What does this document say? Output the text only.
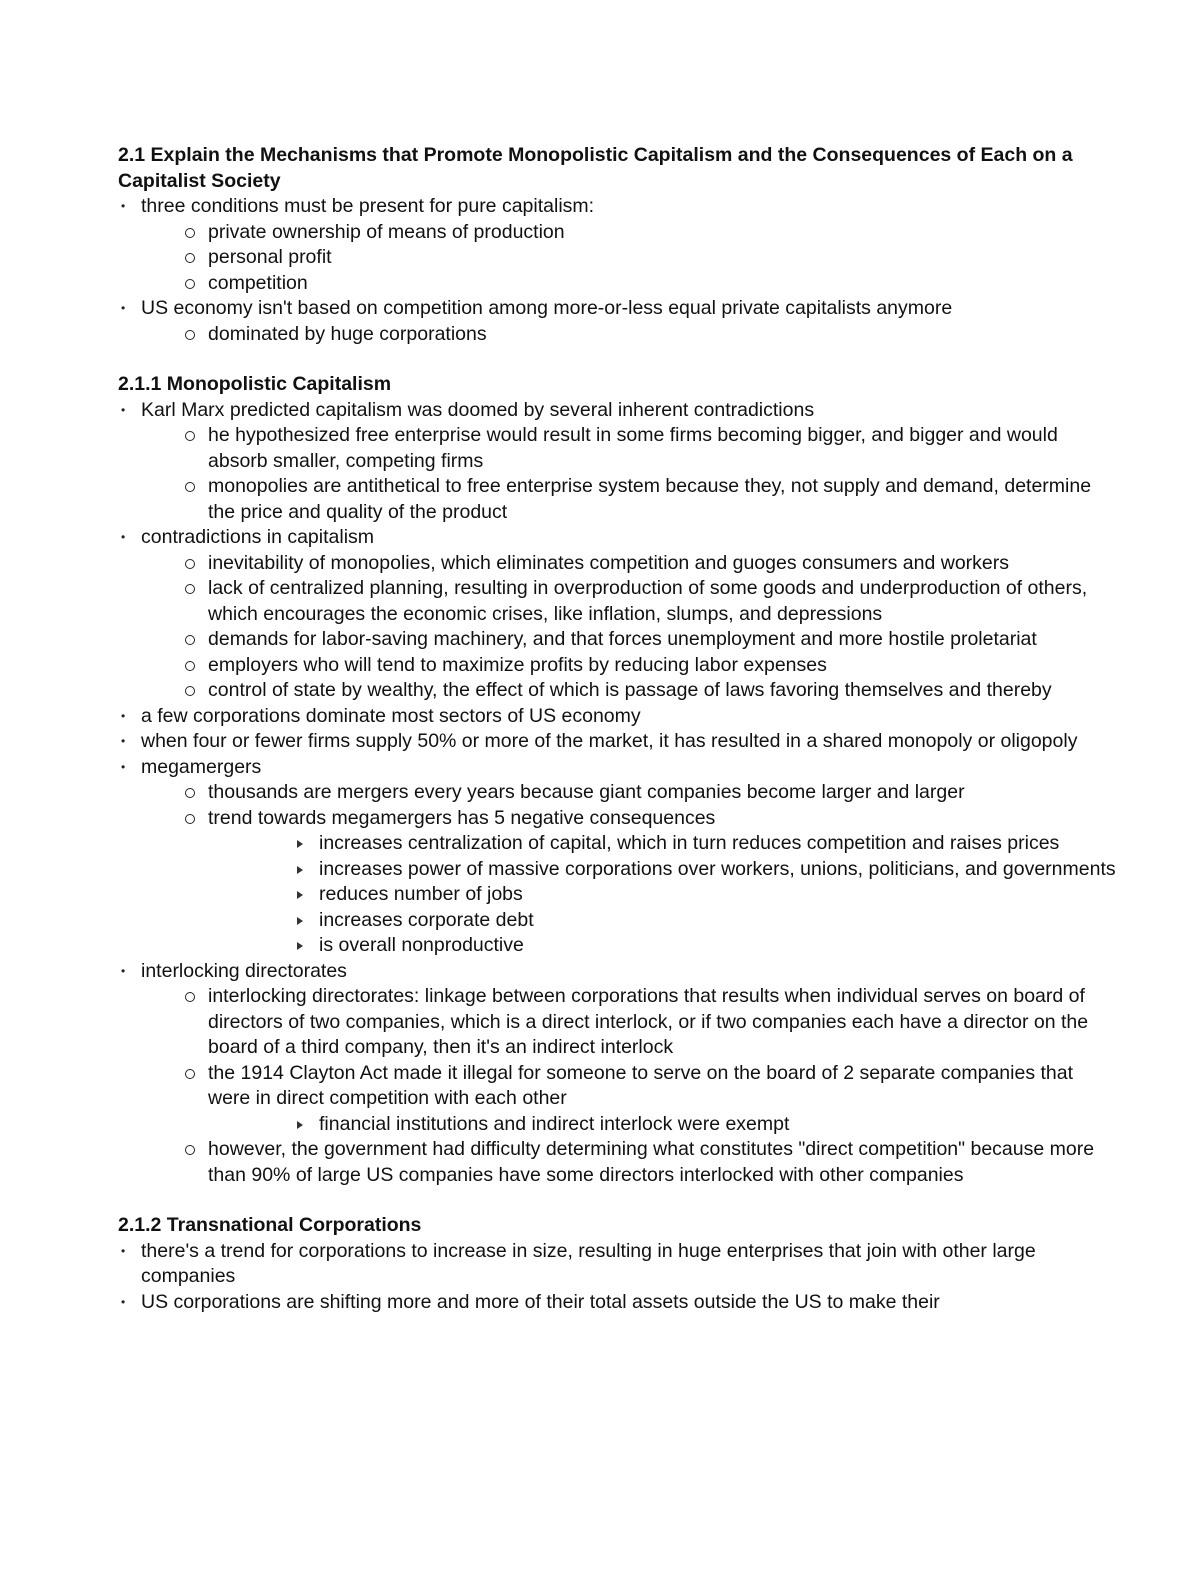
2.1 Explain the Mechanisms that Promote Monopolistic Capitalism and the Consequences of Each on a Capitalist Society
• three conditions must be present for pure capitalism:
private ownership of means of production
personal profit
competition
• US economy isn't based on competition among more-or-less equal private capitalists anymore
dominated by huge corporations
2.1.1 Monopolistic Capitalism
• Karl Marx predicted capitalism was doomed by several inherent contradictions
he hypothesized free enterprise would result in some firms becoming bigger, and bigger and would absorb smaller, competing firms
monopolies are antithetical to free enterprise system because they, not supply and demand, determine the price and quality of the product
• contradictions in capitalism
inevitability of monopolies, which eliminates competition and guoges consumers and workers
lack of centralized planning, resulting in overproduction of some goods and underproduction of others, which encourages the economic crises, like inflation, slumps, and depressions
demands for labor-saving machinery, and that forces unemployment and more hostile proletariat
employers who will tend to maximize profits by reducing labor expenses
control of state by wealthy, the effect of which is passage of laws favoring themselves and thereby
• a few corporations dominate most sectors of US economy
• when four or fewer firms supply 50% or more of the market, it has resulted in a shared monopoly or oligopoly
• megamergers
thousands are mergers every years because giant companies become larger and larger
trend towards megamergers has 5 negative consequences
increases centralization of capital, which in turn reduces competition and raises prices
increases power of massive corporations over workers, unions, politicians, and governments
reduces number of jobs
increases corporate debt
is overall nonproductive
• interlocking directorates
interlocking directorates: linkage between corporations that results when individual serves on board of directors of two companies, which is a direct interlock, or if two companies each have a director on the board of a third company, then it's an indirect interlock
the 1914 Clayton Act made it illegal for someone to serve on the board of 2 separate companies that were in direct competition with each other
financial institutions and indirect interlock were exempt
however, the government had difficulty determining what constitutes "direct competition" because more than 90% of large US companies have some directors interlocked with other companies
2.1.2 Transnational Corporations
• there's a trend for corporations to increase in size, resulting in huge enterprises that join with other large companies
• US corporations are shifting more and more of their total assets outside the US to make their
